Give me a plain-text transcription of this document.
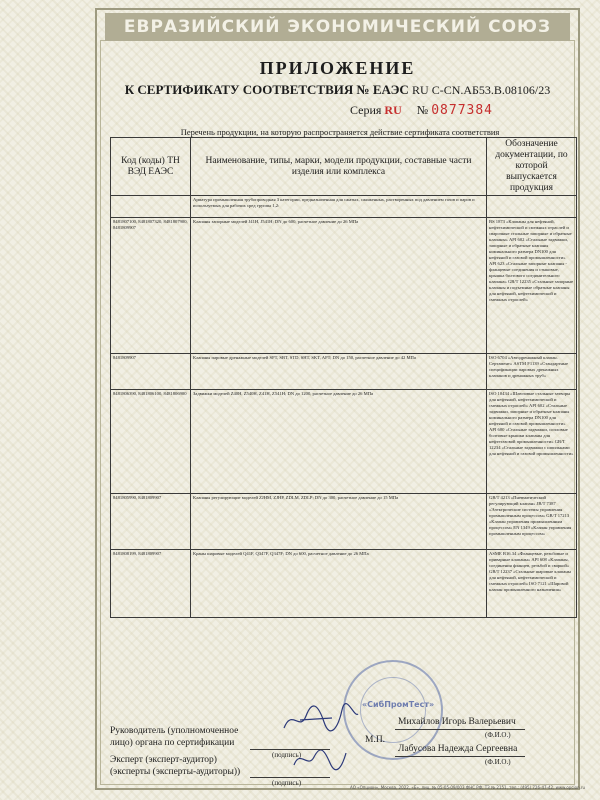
ЕВРАЗИЙСКИЙ ЭКОНОМИЧЕСКИЙ СОЮЗ
ПРИЛОЖЕНИЕ
К СЕРТИФИКАТУ СООТВЕТСТВИЯ № ЕАЭС RU C-CN.АБ53.В.08106/23
Серия RU № 0877384
Перечень продукции, на которую распространяется действие сертификата соответствия
Код (коды) ТН ВЭД ЕАЭС	Наименование, типы, марки, модели продукции, составные части изделия или комплекса	Обозначение документации, по которой выпускается продукция
	Арматура промышленная трубопроводная 3 категории, предназначенная для сжатых, сжиженных, растворенных под давлением газов и паров и используемых для рабочих сред группы 1,2:	
8481807100, 8481807320, 8481807900, 8481809907	Клапаны запорные моделей J41H, J541H; DN до 600, расчетное давление до 26 МПа	BS 1873 «Клапаны для нефтяной, нефтехимической и смежных отраслей и сварочные стальные запорные и обратные клапаны» API 602 «Стальные задвижки, запорные и обратные клапаны номинального размера DN100 для нефтяной и газовой промышленности» API 623 «Стальные запорные клапаны - фланцевые соединения и стыковые, крышка болтового соединительного клапана» GB/T 12235 «Стальные запорные клапаны и подъемные обратные клапаны для нефтяной, нефтехимической и смежных отраслей»
8481809907	Клапаны паровые дренажные моделей SFT, SBT, STD, SHT, SKT, AFT; DN до 150, расчетное давление до 42 МПа	ISO 6704 «Автодренажный клапан. Сертамент» ASTM F1139 «Стандартные спецификации паровых дренажных клапанов и дренажных труб»
8481806390, 8481806100, 8481806900	Задвижки моделей Z40H, Z540H, Z41H, Z541H; DN до 1200, расчетное давление до 26 МПа	ISO 10434 «Шлюзовые стальные затворы для нефтяной, нефтехимической и смежных отраслей» API 602 «Стальные задвижки, запорные и обратные клапаны номинального размера DN100 для нефтяной и газовой промышленности» API 600 «Стальные задвижки, сопловые болтовые крышки клапаны для нефтегазовой промышленности» GB/T 12234 «Стальные задвижки с шпильками для нефтяной и газовой промышленности»
8481805990, 8481809907	Клапаны регулирующие моделей ZJHM, ZJHP, ZDLM, ZDLP; DN до 300, расчетное давление до 15 МПа	GB/T 4213 «Пневматический регулирующий клапан» JB/T 7387 «Электрические системы управления промышленным процессом» GB/T 17213 «Клапан управления промышленным процессом» EN 1349 «Клапан управления промышленным процессом»
8481808199, 8481809907	Краны шаровые моделей Q41F, Q347F, Q347F; DN до 600, расчетное давление до 26 МПа	ASME B16.34 «Фланцевые, резьбовые и приварные клапаны» API 608 «Клапаны, соединения фланцев, резьбой и сваркой» GB/T 12237 «Стальные шаровые клапаны для нефтяной, нефтехимической и смежных отраслей» ISO 7121 «Шаровой клапан промышленного назначения»
«СибПромТест»
Руководитель (уполномоченное
лицо) органа по сертификации
(подпись)
Михайлов Игорь Валерьевич
(Ф.И.О.)
М.П.
Эксперт (эксперт-аудитор)
(эксперты (эксперты-аудиторы))
(подпись)
Лабусова Надежда Сергеевна
(Ф.И.О.)
АО «Опцион», Москва, 2022, «Б», лиц. № 05-05-09/003 ФНС РФ, ТЗ № 2151, тел.: (495) 726-47-42, www.opcion.ru
